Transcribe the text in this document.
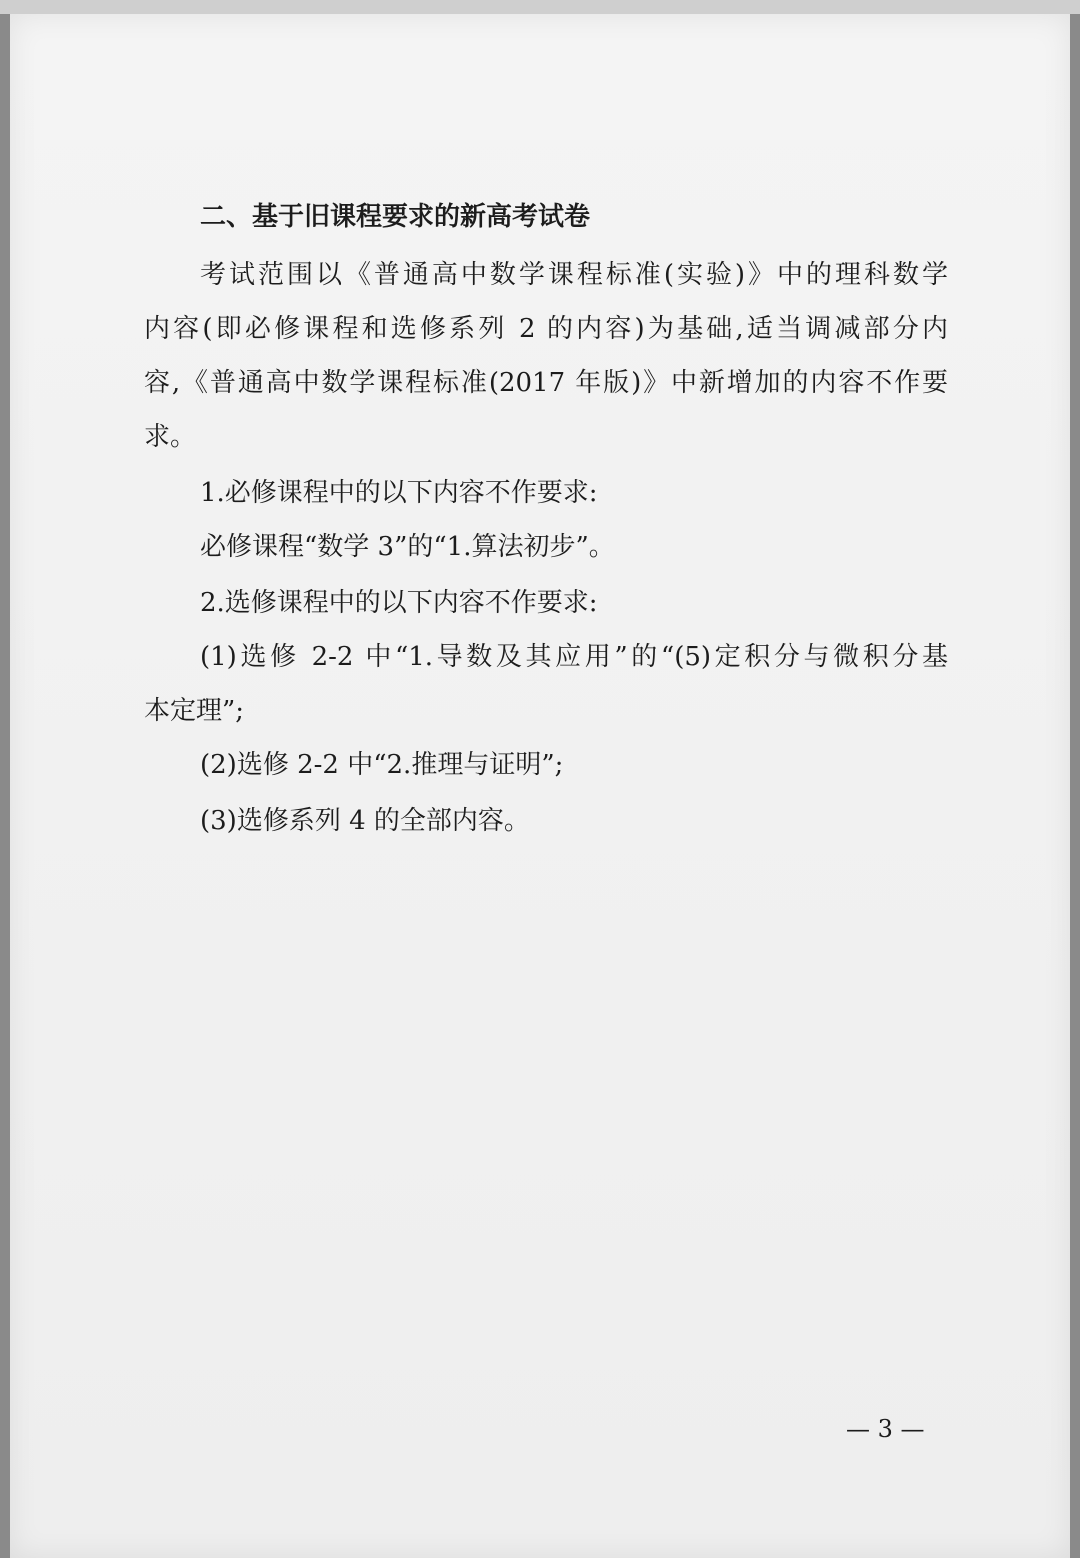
二、基于旧课程要求的新高考试卷

考试范围以《普通高中数学课程标准(实验)》中的理科数学

内容(即必修课程和选修系列 2 的内容)为基础,适当调减部分内

容,《普通高中数学课程标准(2017 年版)》中新增加的内容不作要

求。

1.必修课程中的以下内容不作要求:

必修课程“数学 3”的“1.算法初步”。

2.选修课程中的以下内容不作要求:

(1)选修 2-2 中“1.导数及其应用”的“(5)定积分与微积分基

本定理”;

(2)选修 2-2 中“2.推理与证明”;

(3)选修系列 4 的全部内容。

— 3 —
